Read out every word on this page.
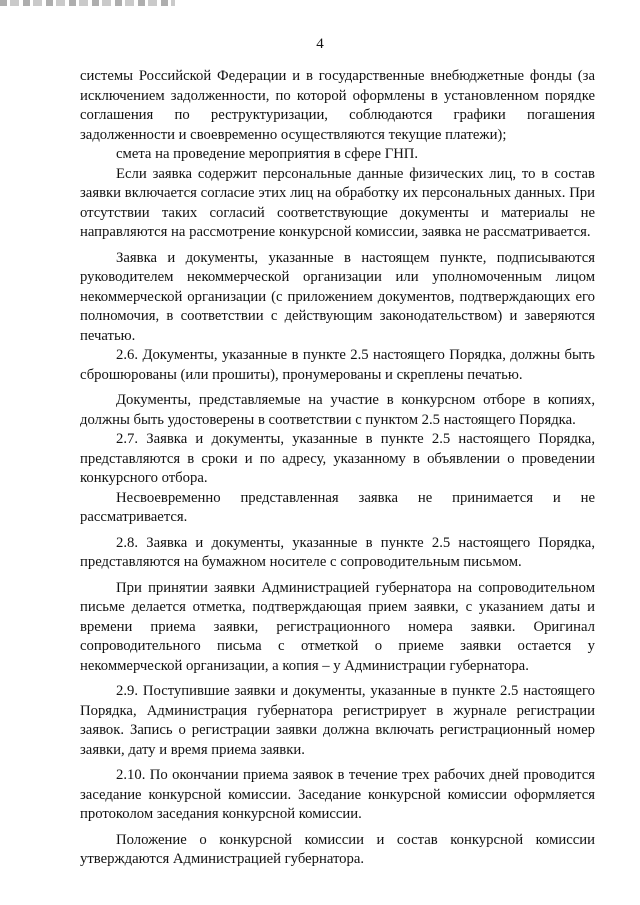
4

системы Российской Федерации и в государственные внебюджетные фонды (за исключением задолженности, по которой оформлены в установленном порядке соглашения по реструктуризации, соблюдаются графики погашения задолженности и своевременно осуществляются текущие платежи);

смета на проведение мероприятия в сфере ГНП.

Если заявка содержит персональные данные физических лиц, то в состав заявки включается согласие этих лиц на обработку их персональных данных. При отсутствии таких согласий соответствующие документы и материалы не направляются на рассмотрение конкурсной комиссии, заявка не рассматривается.

Заявка и документы, указанные в настоящем пункте, подписываются руководителем некоммерческой организации или уполномоченным лицом некоммерческой организации (с приложением документов, подтверждающих его полномочия, в соответствии с действующим законодательством) и заверяются печатью.

2.6. Документы, указанные в пункте 2.5 настоящего Порядка, должны быть сброшюрованы (или прошиты), пронумерованы и скреплены печатью.

Документы, представляемые на участие в конкурсном отборе в копиях, должны быть удостоверены в соответствии с пунктом 2.5 настоящего Порядка.

2.7. Заявка и документы, указанные в пункте 2.5 настоящего Порядка, представляются в сроки и по адресу, указанному в объявлении о проведении конкурсного отбора.

Несвоевременно представленная заявка не принимается и не рассматривается.

2.8. Заявка и документы, указанные в пункте 2.5 настоящего Порядка, представляются на бумажном носителе с сопроводительным письмом.

При принятии заявки Администрацией губернатора на сопроводительном письме делается отметка, подтверждающая прием заявки, с указанием даты и времени приема заявки, регистрационного номера заявки. Оригинал сопроводительного письма с отметкой о приеме заявки остается у некоммерческой организации, а копия – у Администрации губернатора.

2.9. Поступившие заявки и документы, указанные в пункте 2.5 настоящего Порядка, Администрация губернатора регистрирует в журнале регистрации заявок. Запись о регистрации заявки должна включать регистрационный номер заявки, дату и время приема заявки.

2.10. По окончании приема заявок в течение трех рабочих дней проводится заседание конкурсной комиссии. Заседание конкурсной комиссии оформляется протоколом заседания конкурсной комиссии.

Положение о конкурсной комиссии и состав конкурсной комиссии утверждаются Администрацией губернатора.
